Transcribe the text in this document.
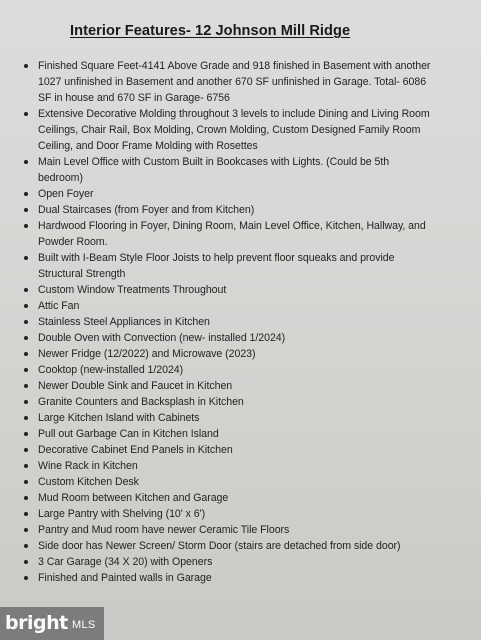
Interior Features- 12 Johnson Mill Ridge
Finished Square Feet-4141 Above Grade and 918 finished in Basement with another 1027 unfinished in Basement and another 670 SF unfinished in Garage. Total- 6086 SF in house and 670 SF in Garage- 6756
Extensive Decorative Molding throughout 3 levels to include Dining and Living Room Ceilings, Chair Rail, Box Molding, Crown Molding, Custom Designed Family Room Ceiling, and Door Frame Molding with Rosettes
Main Level Office with Custom Built in Bookcases with Lights. (Could be 5th bedroom)
Open Foyer
Dual Staircases (from Foyer and from Kitchen)
Hardwood Flooring in Foyer, Dining Room, Main Level Office, Kitchen, Hallway, and Powder Room.
Built with I-Beam Style Floor Joists to help prevent floor squeaks and provide Structural Strength
Custom Window Treatments Throughout
Attic Fan
Stainless Steel Appliances in Kitchen
Double Oven with Convection (new- installed 1/2024)
Newer Fridge (12/2022) and Microwave (2023)
Cooktop (new-installed 1/2024)
Newer Double Sink and Faucet in Kitchen
Granite Counters and Backsplash in Kitchen
Large Kitchen Island with Cabinets
Pull out Garbage Can in Kitchen Island
Decorative Cabinet End Panels in Kitchen
Wine Rack in Kitchen
Custom Kitchen Desk
Mud Room between Kitchen and Garage
Large Pantry with Shelving (10' x 6')
Pantry and Mud room have newer Ceramic Tile Floors
Side door has Newer Screen/ Storm Door (stairs are detached from side door)
3 Car Garage (34 X 20) with Openers
Finished and Painted walls in Garage
bright MLS
